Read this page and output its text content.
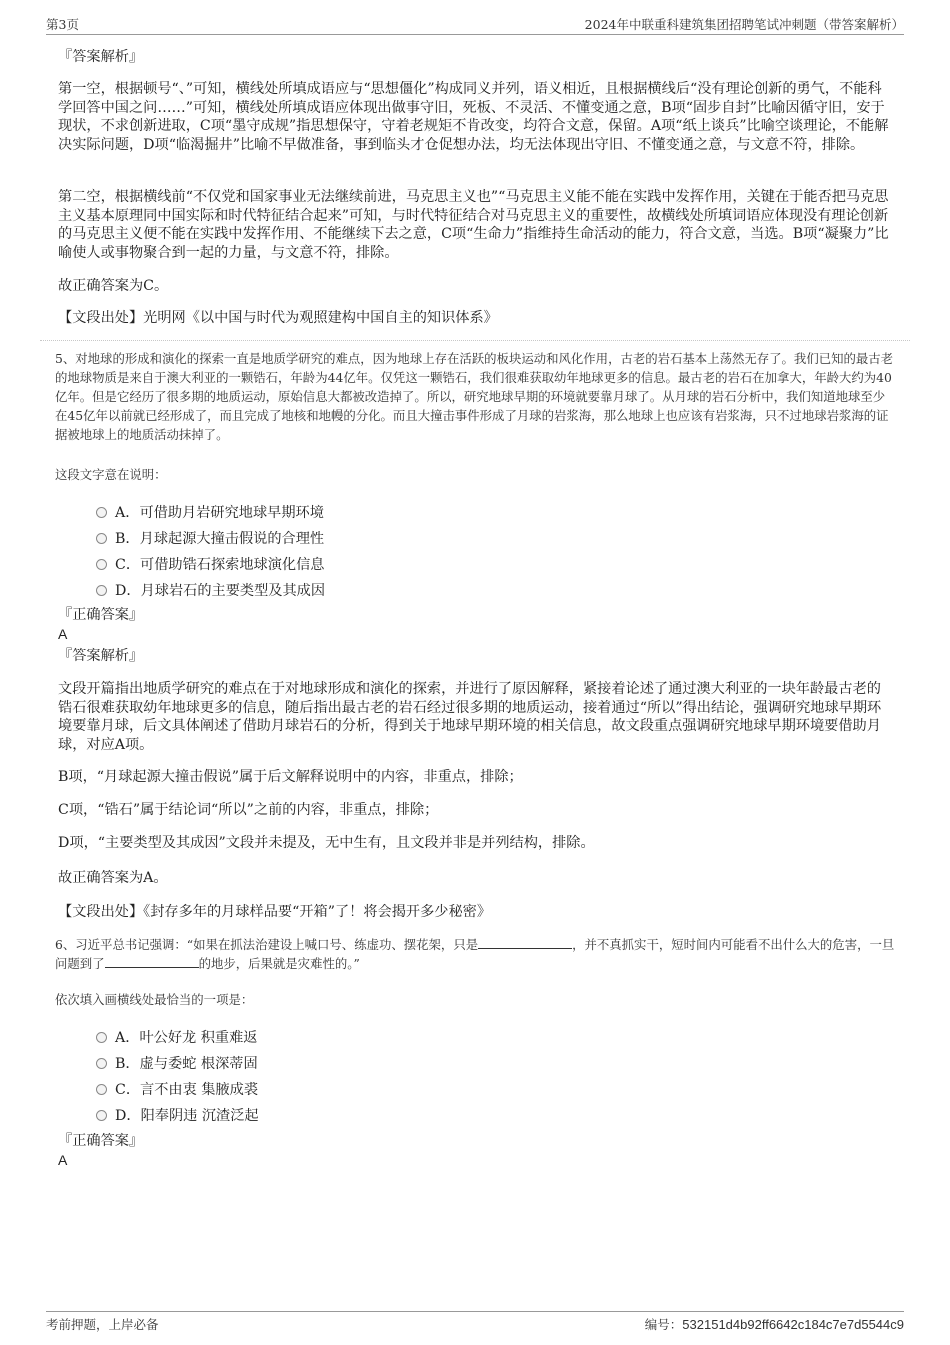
第3页	2024年中联重科建筑集团招聘笔试冲刺题（带答案解析）

『答案解析』

第一空，根据顿号“、”可知，横线处所填成语应与“思想僵化”构成同义并列，语义相近，且根据横线后“没有理论创新的勇气，不能科学回答中国之问……”可知，横线处所填成语应体现出做事守旧，死板、不灵活、不懂变通之意，B项“固步自封”比喻因循守旧，安于现状，不求创新进取，C项“墨守成规”指思想保守，守着老规矩不肯改变，均符合文意，保留。A项“纸上谈兵”比喻空谈理论，不能解决实际问题，D项“临渴掘井”比喻不早做准备，事到临头才仓促想办法，均无法体现出守旧、不懂变通之意，与文意不符，排除。

第二空，根据横线前“不仅党和国家事业无法继续前进，马克思主义也”“马克思主义能不能在实践中发挥作用，关键在于能否把马克思主义基本原理同中国实际和时代特征结合起来”可知，与时代特征结合对马克思主义的重要性，故横线处所填词语应体现没有理论创新的马克思主义便不能在实践中发挥作用、不能继续下去之意，C项“生命力”指维持生命活动的能力，符合文意，当选。B项“凝聚力”比喻使人或事物聚合到一起的力量，与文意不符，排除。

故正确答案为C。

【文段出处】光明网《以中国与时代为观照建构中国自主的知识体系》

5、对地球的形成和演化的探索一直是地质学研究的难点，因为地球上存在活跃的板块运动和风化作用，古老的岩石基本上荡然无存了。我们已知的最古老的地球物质是来自于澳大利亚的一颗锆石，年龄为44亿年。仅凭这一颗锆石，我们很难获取幼年地球更多的信息。最古老的岩石在加拿大，年龄大约为40亿年。但是它经历了很多期的地质运动，原始信息大都被改造掉了。所以，研究地球早期的环境就要靠月球了。从月球的岩石分析中，我们知道地球至少在45亿年以前就已经形成了，而且完成了地核和地幔的分化。而且大撞击事件形成了月球的岩浆海，那么地球上也应该有岩浆海，只不过地球岩浆海的证据被地球上的地质活动抹掉了。

这段文字意在说明：

A．可借助月岩研究地球早期环境
B．月球起源大撞击假说的合理性
C．可借助锆石探索地球演化信息
D．月球岩石的主要类型及其成因

『正确答案』

A

『答案解析』

文段开篇指出地质学研究的难点在于对地球形成和演化的探索，并进行了原因解释，紧接着论述了通过澳大利亚的一块年龄最古老的锆石很难获取幼年地球更多的信息，随后指出最古老的岩石经过很多期的地质运动，接着通过“所以”得出结论，强调研究地球早期环境要靠月球，后文具体阐述了借助月球岩石的分析，得到关于地球早期环境的相关信息，故文段重点强调研究地球早期环境要借助月球，对应A项。

B项，“月球起源大撞击假说”属于后文解释说明中的内容，非重点，排除；

C项，“锆石”属于结论词“所以”之前的内容，非重点，排除；

D项，“主要类型及其成因”文段并未提及，无中生有，且文段并非是并列结构，排除。

故正确答案为A。

【文段出处】《封存多年的月球样品要“开箱”了！将会揭开多少秘密》

6、习近平总书记强调：“如果在抓法治建设上喊口号、练虚功、摆花架，只是	，并不真抓实干，短时间内可能看不出什么大的危害，一旦问题到了	的地步，后果就是灾难性的。”

依次填入画横线处最恰当的一项是：

A．叶公好龙 积重难返
B．虚与委蛇 根深蒂固
C．言不由衷 集腋成裘
D．阳奉阴违 沉渣泛起

『正确答案』

A
考前押题，上岸必备	编号：532151d4b92ff6642c184c7e7d5544c9
